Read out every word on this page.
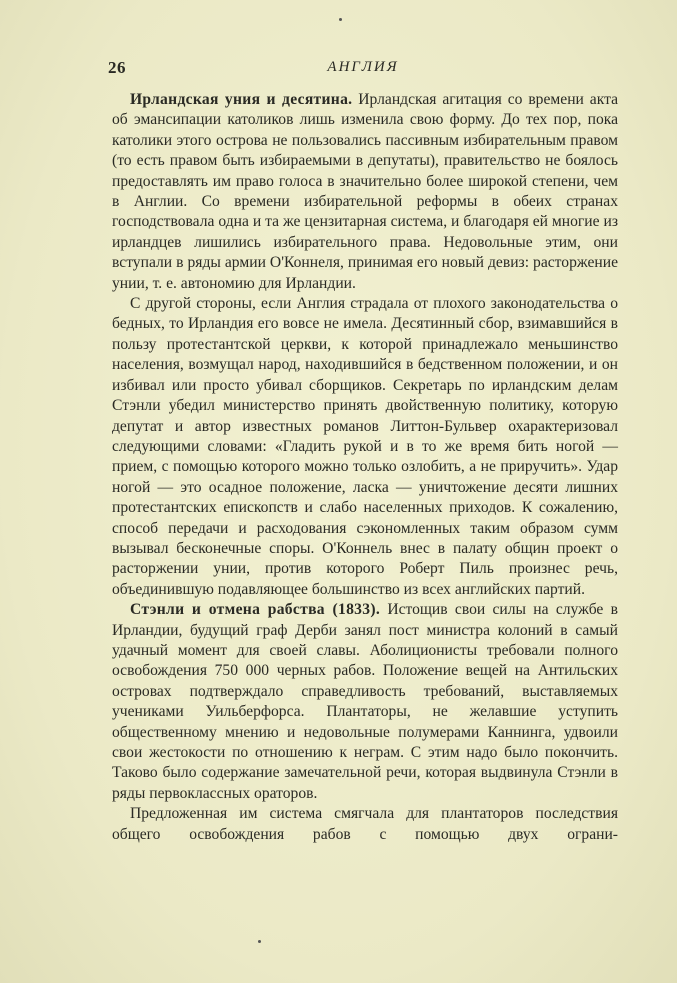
26	АНГЛИЯ

Ирландская уния и десятина. Ирландская агитация со времени акта об эмансипации католиков лишь изменила свою форму. До тех пор, пока католики этого острова не пользовались пассивным избирательным правом (то есть правом быть избираемыми в депутаты), правительство не боялось предоставлять им право голоса в значительно более широкой степени, чем в Англии. Со времени избирательной реформы в обеих странах господствовала одна и та же цензитарная система, и благодаря ей многие из ирландцев лишились избирательного права. Недовольные этим, они вступали в ряды армии О'Коннеля, принимая его новый девиз: расторжение унии, т. е. автономию для Ирландии.

С другой стороны, если Англия страдала от плохого законодательства о бедных, то Ирландия его вовсе не имела. Десятинный сбор, взимавшийся в пользу протестантской церкви, к которой принадлежало меньшинство населения, возмущал народ, находившийся в бедственном положении, и он избивал или просто убивал сборщиков. Секретарь по ирландским делам Стэнли убедил министерство принять двойственную политику, которую депутат и автор известных романов Литтон-Бульвер охарактеризовал следующими словами: «Гладить рукой и в то же время бить ногой — прием, с помощью которого можно только озлобить, а не приручить». Удар ногой — это осадное положение, ласка — уничтожение десяти лишних протестантских епископств и слабо населенных приходов. К сожалению, способ передачи и расходования сэкономленных таким образом сумм вызывал бесконечные споры. О'Коннель внес в палату общин проект о расторжении унии, против которого Роберт Пиль произнес речь, объединившую подавляющее большинство из всех английских партий.

Стэнли и отмена рабства (1833). Истощив свои силы на службе в Ирландии, будущий граф Дерби занял пост министра колоний в самый удачный момент для своей славы. Аболиционисты требовали полного освобождения 750 000 черных рабов. Положение вещей на Антильских островах подтверждало справедливость требований, выставляемых учениками Уильберфорса. Плантаторы, не желавшие уступить общественному мнению и недовольные полумерами Каннинга, удвоили свои жестокости по отношению к неграм. С этим надо было покончить. Таково было содержание замечательной речи, которая выдвинула Стэнли в ряды первоклассных ораторов.

Предложенная им система смягчала для плантаторов последствия общего освобождения рабов с помощью двух ограни-
